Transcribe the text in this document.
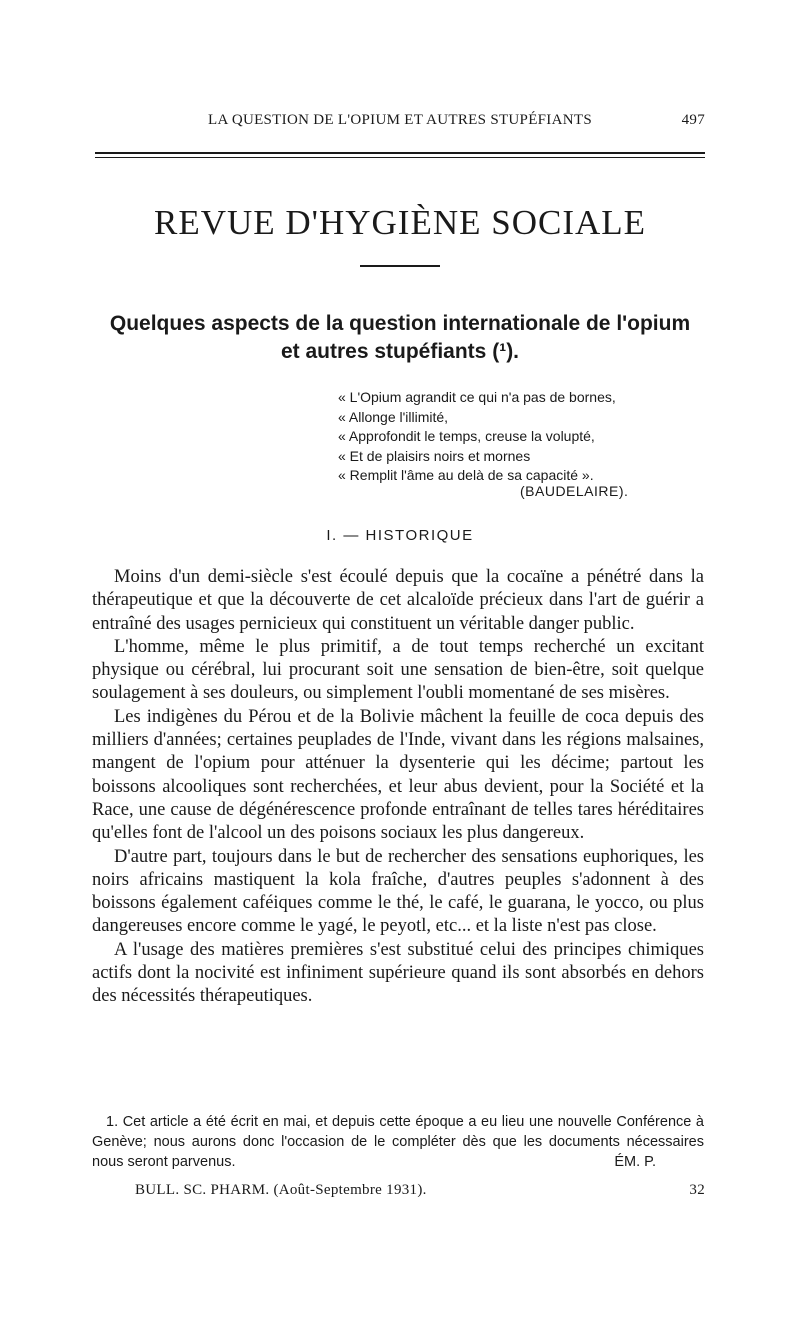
LA QUESTION DE L'OPIUM ET AUTRES STUPÉFIANTS	497
REVUE D'HYGIÈNE SOCIALE
Quelques aspects de la question internationale de l'opium
et autres stupéfiants (¹).
« L'Opium agrandit ce qui n'a pas de bornes,
« Allonge l'illimité,
« Approfondit le temps, creuse la volupté,
« Et de plaisirs noirs et mornes
« Remplit l'âme au delà de sa capacité ».
(BAUDELAIRE).
I. — HISTORIQUE

Moins d'un demi-siècle s'est écoulé depuis que la cocaïne a pénétré dans la thérapeutique et que la découverte de cet alcaloïde précieux dans l'art de guérir a entraîné des usages pernicieux qui constituent un véritable danger public.

L'homme, même le plus primitif, a de tout temps recherché un excitant physique ou cérébral, lui procurant soit une sensation de bien-être, soit quelque soulagement à ses douleurs, ou simplement l'oubli momentané de ses misères.

Les indigènes du Pérou et de la Bolivie mâchent la feuille de coca depuis des milliers d'années; certaines peuplades de l'Inde, vivant dans les régions malsaines, mangent de l'opium pour atténuer la dysenterie qui les décime; partout les boissons alcooliques sont recherchées, et leur abus devient, pour la Société et la Race, une cause de dégénérescence profonde entraînant de telles tares héréditaires qu'elles font de l'alcool un des poisons sociaux les plus dangereux.

D'autre part, toujours dans le but de rechercher des sensations euphoriques, les noirs africains mastiquent la kola fraîche, d'autres peuples s'adonnent à des boissons également caféiques comme le thé, le café, le guarana, le yocco, ou plus dangereuses encore comme le yagé, le peyotl, etc... et la liste n'est pas close.

A l'usage des matières premières s'est substitué celui des principes chimiques actifs dont la nocivité est infiniment supérieure quand ils sont absorbés en dehors des nécessités thérapeutiques.

1. Cet article a été écrit en mai, et depuis cette époque a eu lieu une nouvelle Conférence à Genève; nous aurons donc l'occasion de le compléter dès que les documents nécessaires nous seront parvenus.	ÉM. P.
BULL. SC. PHARM. (Août-Septembre 1931).	32
